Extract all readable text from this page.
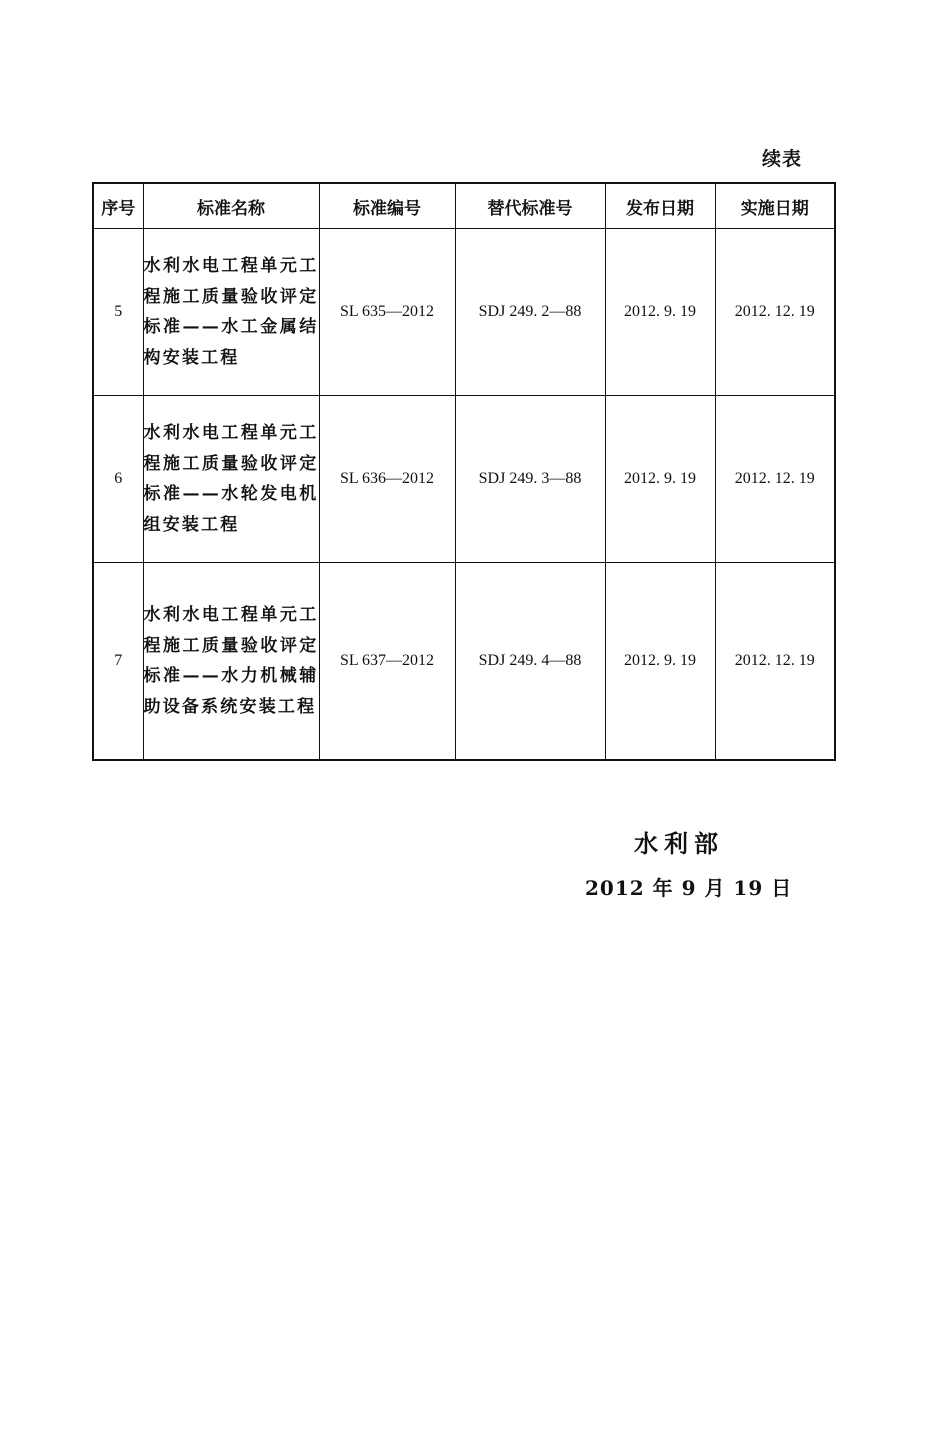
续表
序号	标准名称	标准编号	替代标准号	发布日期	实施日期
5	水利水电工程单元工程施工质量验收评定标准——水工金属结构安装工程	SL 635—2012	SDJ 249. 2—88	2012. 9. 19	2012. 12. 19
6	水利水电工程单元工程施工质量验收评定标准——水轮发电机组安装工程	SL 636—2012	SDJ 249. 3—88	2012. 9. 19	2012. 12. 19
7	水利水电工程单元工程施工质量验收评定标准——水力机械辅助设备系统安装工程	SL 637—2012	SDJ 249. 4—88	2012. 9. 19	2012. 12. 19
水利部
2012 年 9 月 19 日
